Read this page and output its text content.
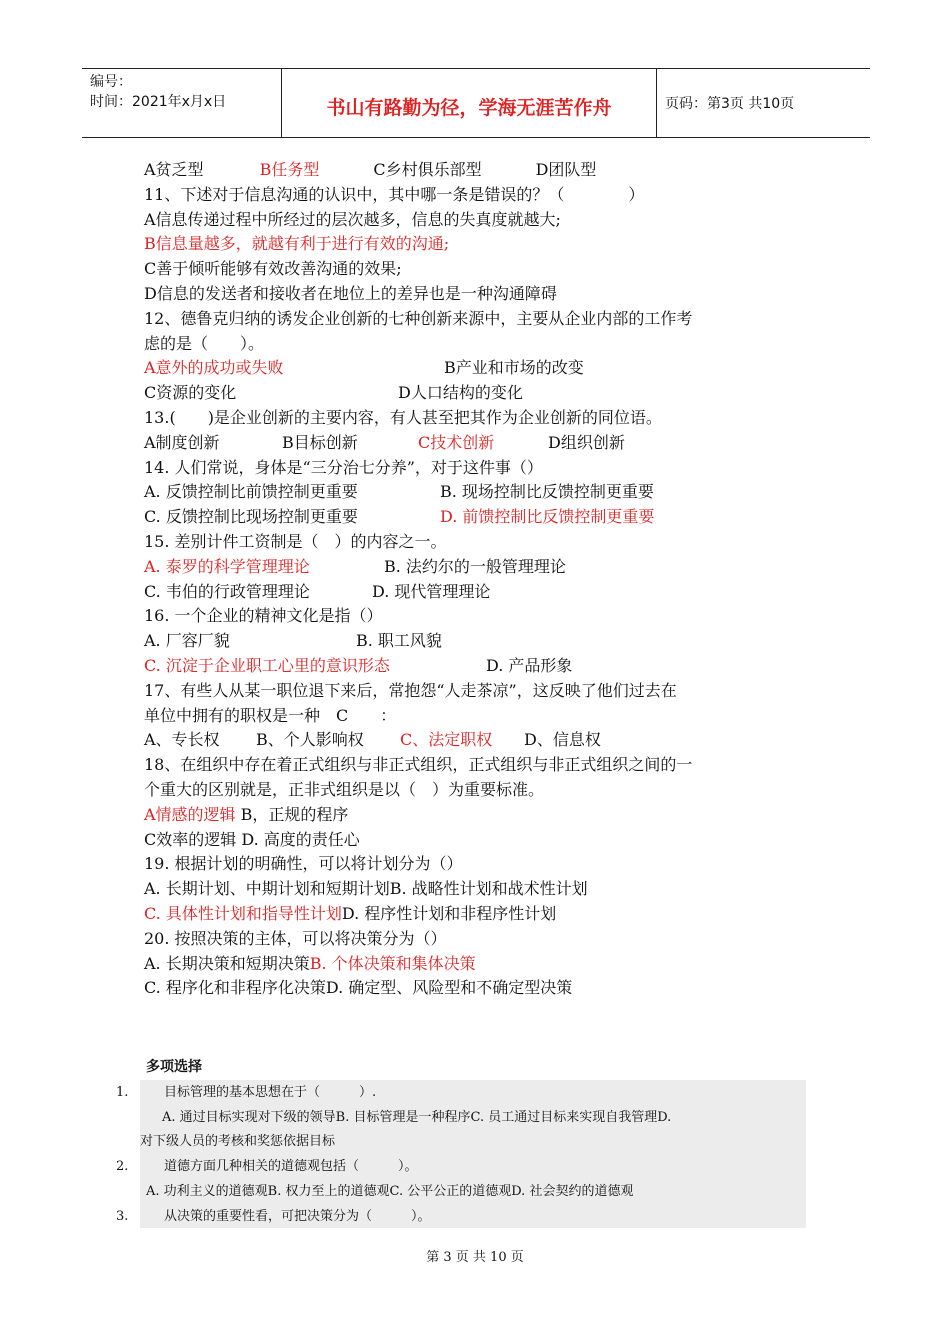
编号：
时间：2021年x月x日	书山有路勤为径，学海无涯苦作舟	页码：第3页 共10页
A贫乏型	B任务型	C乡村俱乐部型	D团队型
11、下述对于信息沟通的认识中，其中哪一条是错误的？（　　　　）
A信息传递过程中所经过的层次越多，信息的失真度就越大;
B信息量越多，就越有利于进行有效的沟通;
C善于倾听能够有效改善沟通的效果;
D信息的发送者和接收者在地位上的差异也是一种沟通障碍
12、德鲁克归纳的诱发企业创新的七种创新来源中，主要从企业内部的工作考
虑的是（　　）。
A意外的成功或失败	B产业和市场的改变
C资源的变化	D人口结构的变化
13.(　　)是企业创新的主要内容，有人甚至把其作为企业创新的同位语。
A制度创新	B目标创新	C技术创新	D组织创新
14. 人们常说，身体是“三分治七分养”，对于这件事（）
A. 反馈控制比前馈控制更重要	B. 现场控制比反馈控制更重要
C. 反馈控制比现场控制更重要	D. 前馈控制比反馈控制更重要
15. 差别计件工资制是（　）的内容之一。
A. 泰罗的科学管理理论	B. 法约尔的一般管理理论
C. 韦伯的行政管理理论	D. 现代管理理论
16. 一个企业的精神文化是指（）
A. 厂容厂貌	B. 职工风貌
C. 沉淀于企业职工心里的意识形态	D. 产品形象
17、有些人从某一职位退下来后，常抱怨“人走茶凉”，这反映了他们过去在
单位中拥有的职权是一种　C　　：
A、专长权 B、个人影响权 C、法定职权 D、信息权
18、在组织中存在着正式组织与非正式组织，正式组织与非正式组织之间的一
个重大的区别就是，正非式组织是以（　）为重要标准。
A情感的逻辑 B，正规的程序
C效率的逻辑 D. 高度的责任心
19. 根据计划的明确性，可以将计划分为（）
A. 长期计划、中期计划和短期计划B. 战略性计划和战术性计划
C. 具体性计划和指导性计划D. 程序性计划和非程序性计划
20. 按照决策的主体，可以将决策分为（）
A. 长期决策和短期决策B. 个体决策和集体决策
C. 程序化和非程序化决策D. 确定型、风险型和不确定型决策
多项选择
1.	目标管理的基本思想在于（　　　）.
A. 通过目标实现对下级的领导B. 目标管理是一种程序C. 员工通过目标来实现自我管理D.
对下级人员的考核和奖惩依据目标
2.	道德方面几种相关的道德观包括（　　　）。
A. 功利主义的道德观B. 权力至上的道德观C. 公平公正的道德观D. 社会契约的道德观
3.	从决策的重要性看，可把决策分为（　　　）。
第 3 页 共 10 页
